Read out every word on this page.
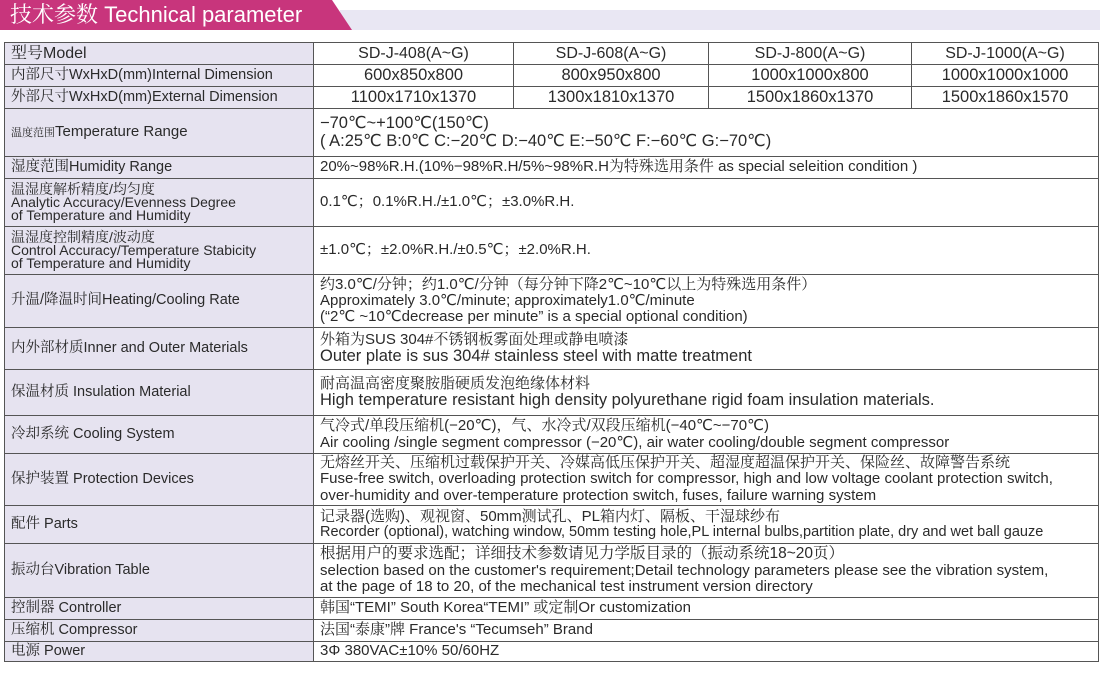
技术参数 Technical parameter
型号Model	SD-J-408(A~G)	SD-J-608(A~G)	SD-J-800(A~G)	SD-J-1000(A~G)
内部尺寸WxHxD(mm)Internal Dimension	600x850x800	800x950x800	1000x1000x800	1000x1000x1000
外部尺寸WxHxD(mm)External Dimension	1100x1710x1370	1300x1810x1370	1500x1860x1370	1500x1860x1570
温度范围Temperature Range	−70℃~+100℃(150℃)
( A:25℃ B:0℃ C:−20℃ D:−40℃ E:−50℃ F:−60℃ G:−70℃)			

湿度范围Humidity Range	20%~98%R.H.(10%−98%R.H/5%~98%R.H为特殊选用条件 as special seleition condition )			

温湿度解析精度/均匀度
Analytic Accuracy/Evenness Degree
of Temperature and Humidity	0.1℃；0.1%R.H./±1.0℃；±3.0%R.H.			

温湿度控制精度/波动度
Control Accuracy/Temperature Stabicity
of Temperature and Humidity	±1.0℃；±2.0%R.H./±0.5℃；±2.0%R.H.			
升温/降温时间Heating/Cooling Rate	约3.0℃/分钟；约1.0℃/分钟（每分钟下降2℃~10℃以上为特殊选用条件）
Approximately 3.0℃/minute; approximately1.0℃/minute
(“2℃ ~10℃decrease per minute” is a special optional condition)			

内外部材质Inner and Outer Materials	外箱为SUS 304#不锈钢板雾面处理或静电喷漆
Outer plate is sus 304# stainless steel with matte treatment			

保温材质 Insulation Material	耐高温高密度聚胺脂硬质发泡绝缘体材料
High temperature resistant high density polyurethane rigid foam insulation materials.			

冷却系统 Cooling System	气冷式/单段压缩机(−20℃)，气、水冷式/双段压缩机(−40℃~−70℃)
Air cooling /single segment compressor (−20℃), air water cooling/double segment compressor			

保护装置 Protection Devices	无熔丝开关、压缩机过载保护开关、冷媒高低压保护开关、超湿度超温保护开关、保险丝、故障警告系统
Fuse-free switch, overloading protection switch for compressor, high and low voltage coolant protection switch,
over-humidity and over-temperature protection switch, fuses, failure warning system			

配件 Parts	记录器(选购)、观视窗、50mm测试孔、PL箱内灯、隔板、干湿球纱布
Recorder (optional), watching window, 50mm testing hole,PL internal bulbs,partition plate, dry and wet ball gauze			

振动台Vibration Table	根据用户的要求选配；详细技术参数请见力学版目录的（振动系统18~20页）
selection based on the customer's requirement;Detail technology parameters please see the vibration system,
at the page of 18 to 20, of the mechanical test instrument version directory			

控制器 Controller	韩国“TEMI” South Korea“TEMI” 或定制Or customization			
压缩机 Compressor	法国“泰康”牌 France's “Tecumseh” Brand			
电源 Power	3Φ 380VAC±10% 50/60HZ			
